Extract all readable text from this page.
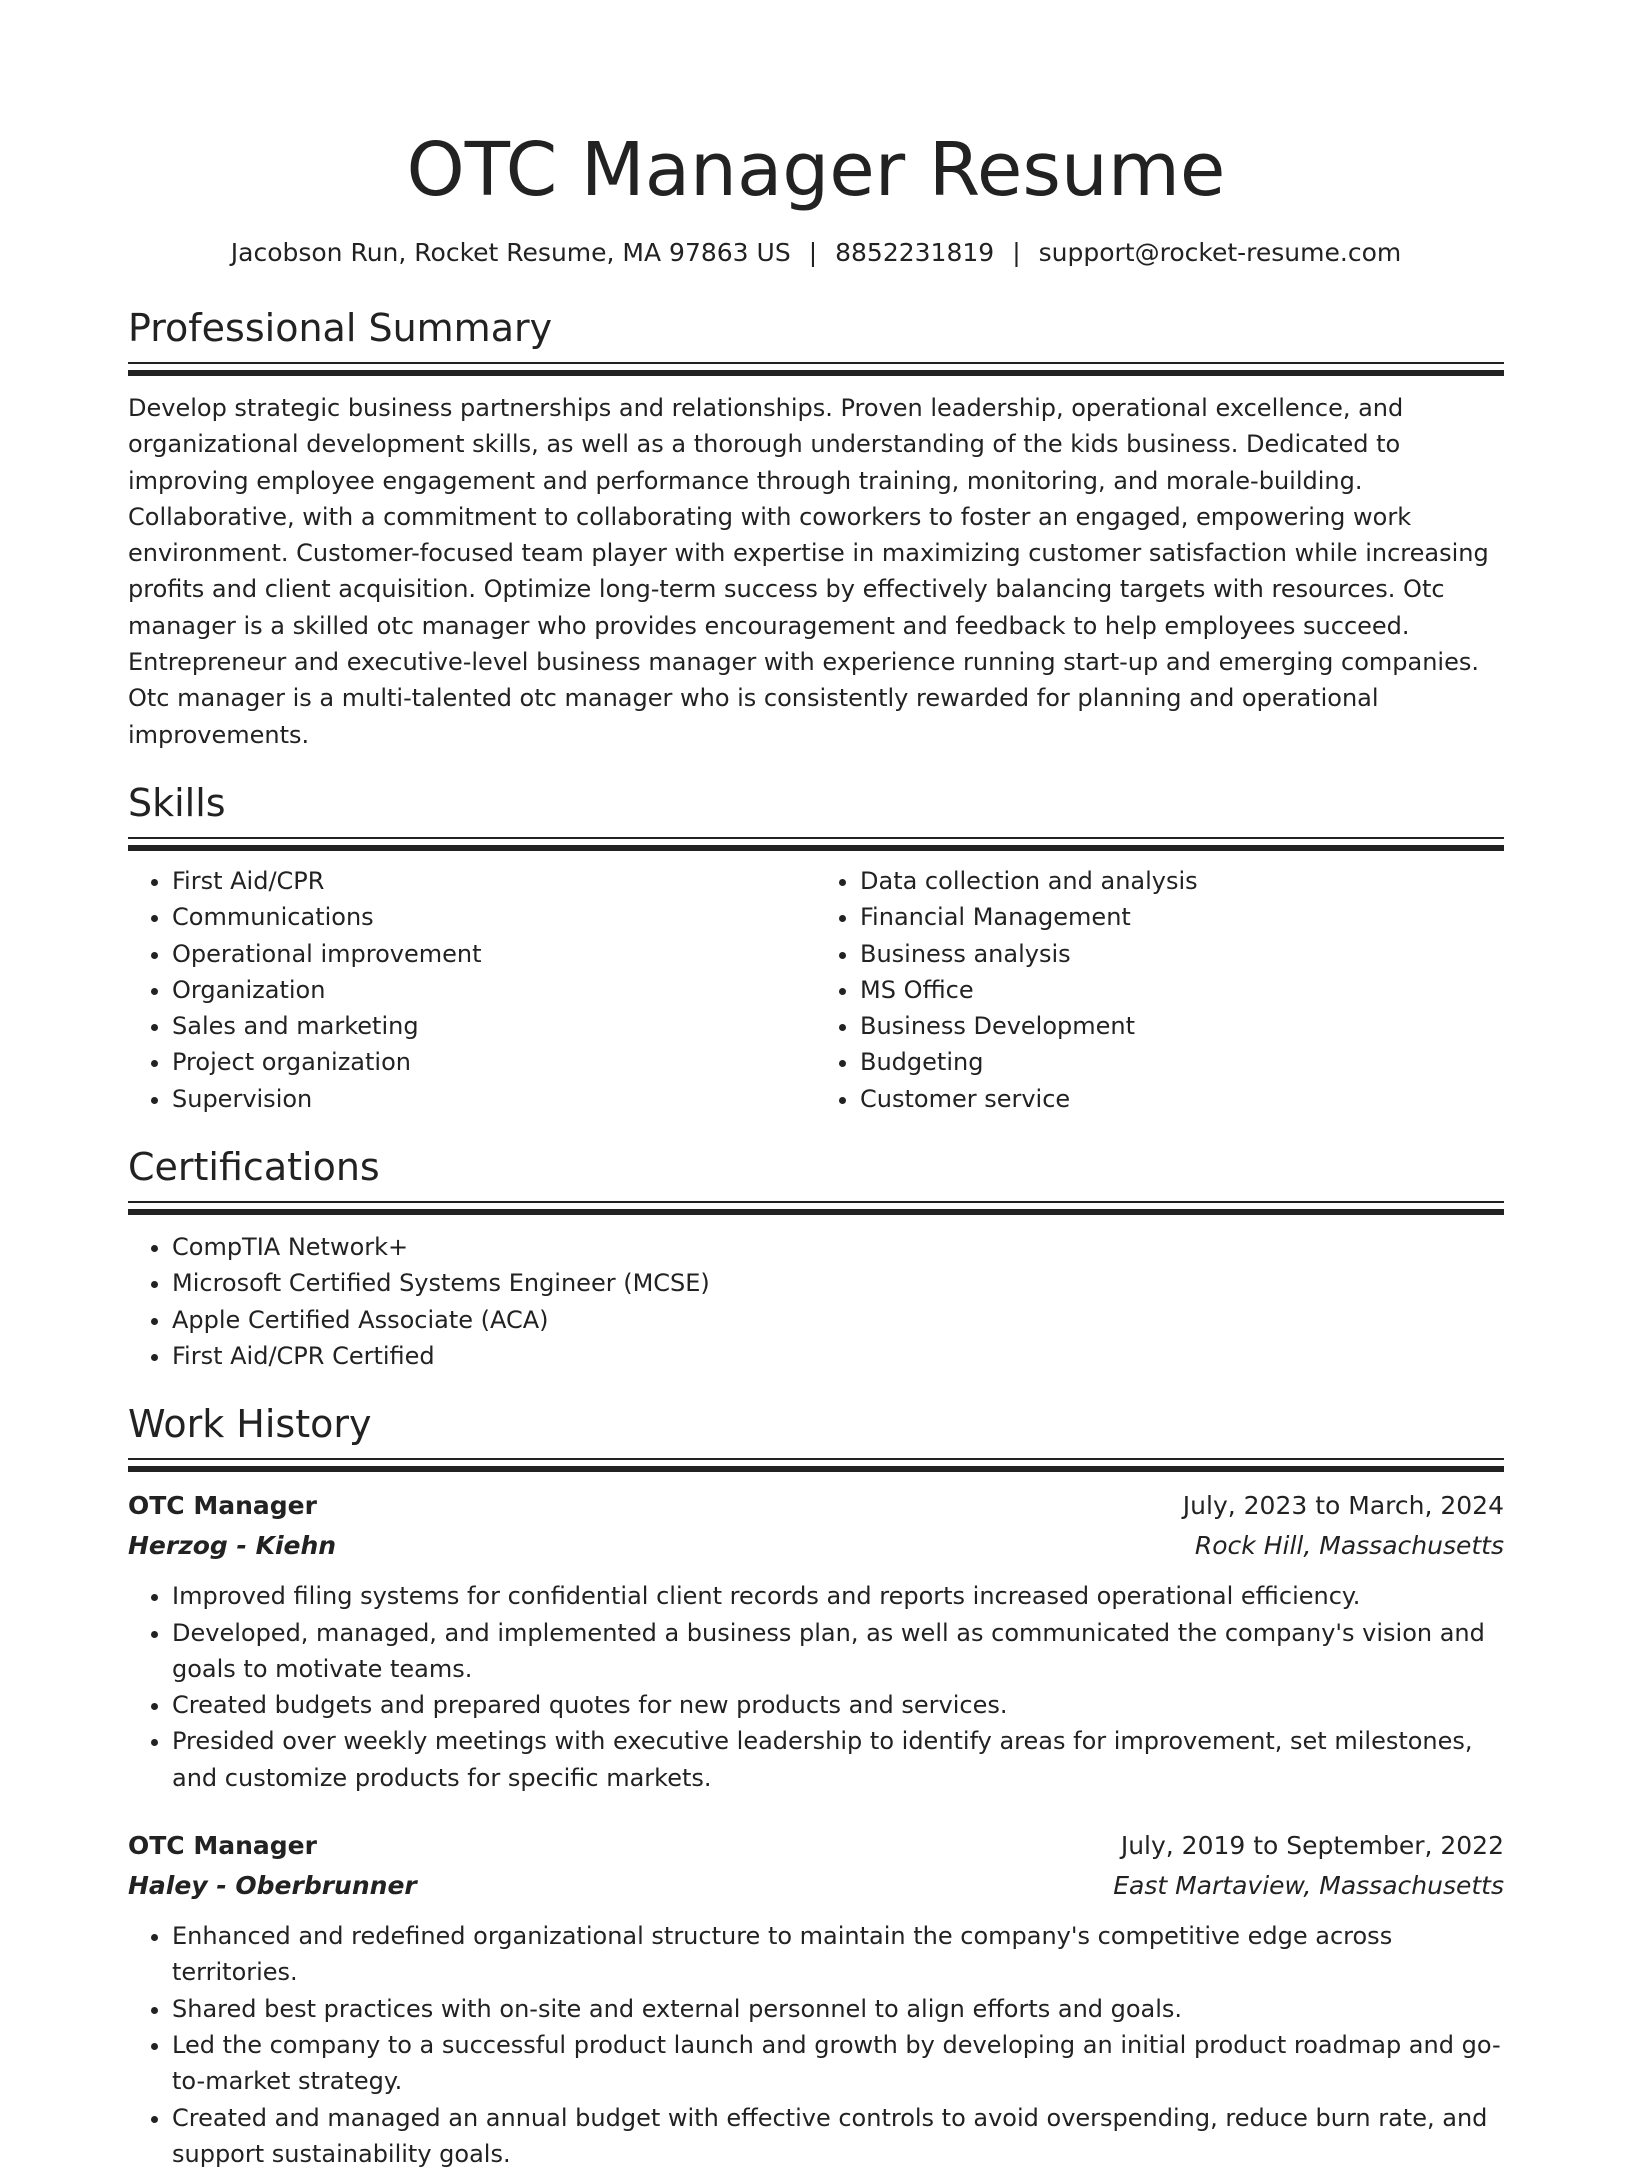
OTC Manager Resume
Jacobson Run, Rocket Resume, MA 97863 US | 8852231819 | support@rocket-resume.com
Professional Summary

Develop strategic business partnerships and relationships. Proven leadership, operational excellence, and organizational development skills, as well as a thorough understanding of the kids business. Dedicated to improving employee engagement and performance through training, monitoring, and morale-building. Collaborative, with a commitment to collaborating with coworkers to foster an engaged, empowering work environment. Customer-focused team player with expertise in maximizing customer satisfaction while increasing profits and client acquisition. Optimize long-term success by effectively balancing targets with resources. Otc manager is a skilled otc manager who provides encouragement and feedback to help employees succeed. Entrepreneur and executive-level business manager with experience running start-up and emerging companies. Otc manager is a multi-talented otc manager who is consistently rewarded for planning and operational improvements.

Skills
• First Aid/CPR
• Communications
• Operational improvement
• Organization
• Sales and marketing
• Project organization
• Supervision
• Data collection and analysis
• Financial Management
• Business analysis
• MS Office
• Business Development
• Budgeting
• Customer service
Certifications
• CompTIA Network+
• Microsoft Certified Systems Engineer (MCSE)
• Apple Certified Associate (ACA)
• First Aid/CPR Certified
Work History
OTC Manager	July, 2023 to March, 2024
Herzog - Kiehn	Rock Hill, Massachusetts
• Improved filing systems for confidential client records and reports increased operational efficiency.
• Developed, managed, and implemented a business plan, as well as communicated the company's vision and goals to motivate teams.
• Created budgets and prepared quotes for new products and services.
• Presided over weekly meetings with executive leadership to identify areas for improvement, set milestones, and customize products for specific markets.
OTC Manager	July, 2019 to September, 2022
Haley - Oberbrunner	East Martaview, Massachusetts
• Enhanced and redefined organizational structure to maintain the company's competitive edge across territories.
• Shared best practices with on-site and external personnel to align efforts and goals.
• Led the company to a successful product launch and growth by developing an initial product roadmap and go-to-market strategy.
• Created and managed an annual budget with effective controls to avoid overspending, reduce burn rate, and support sustainability goals.
